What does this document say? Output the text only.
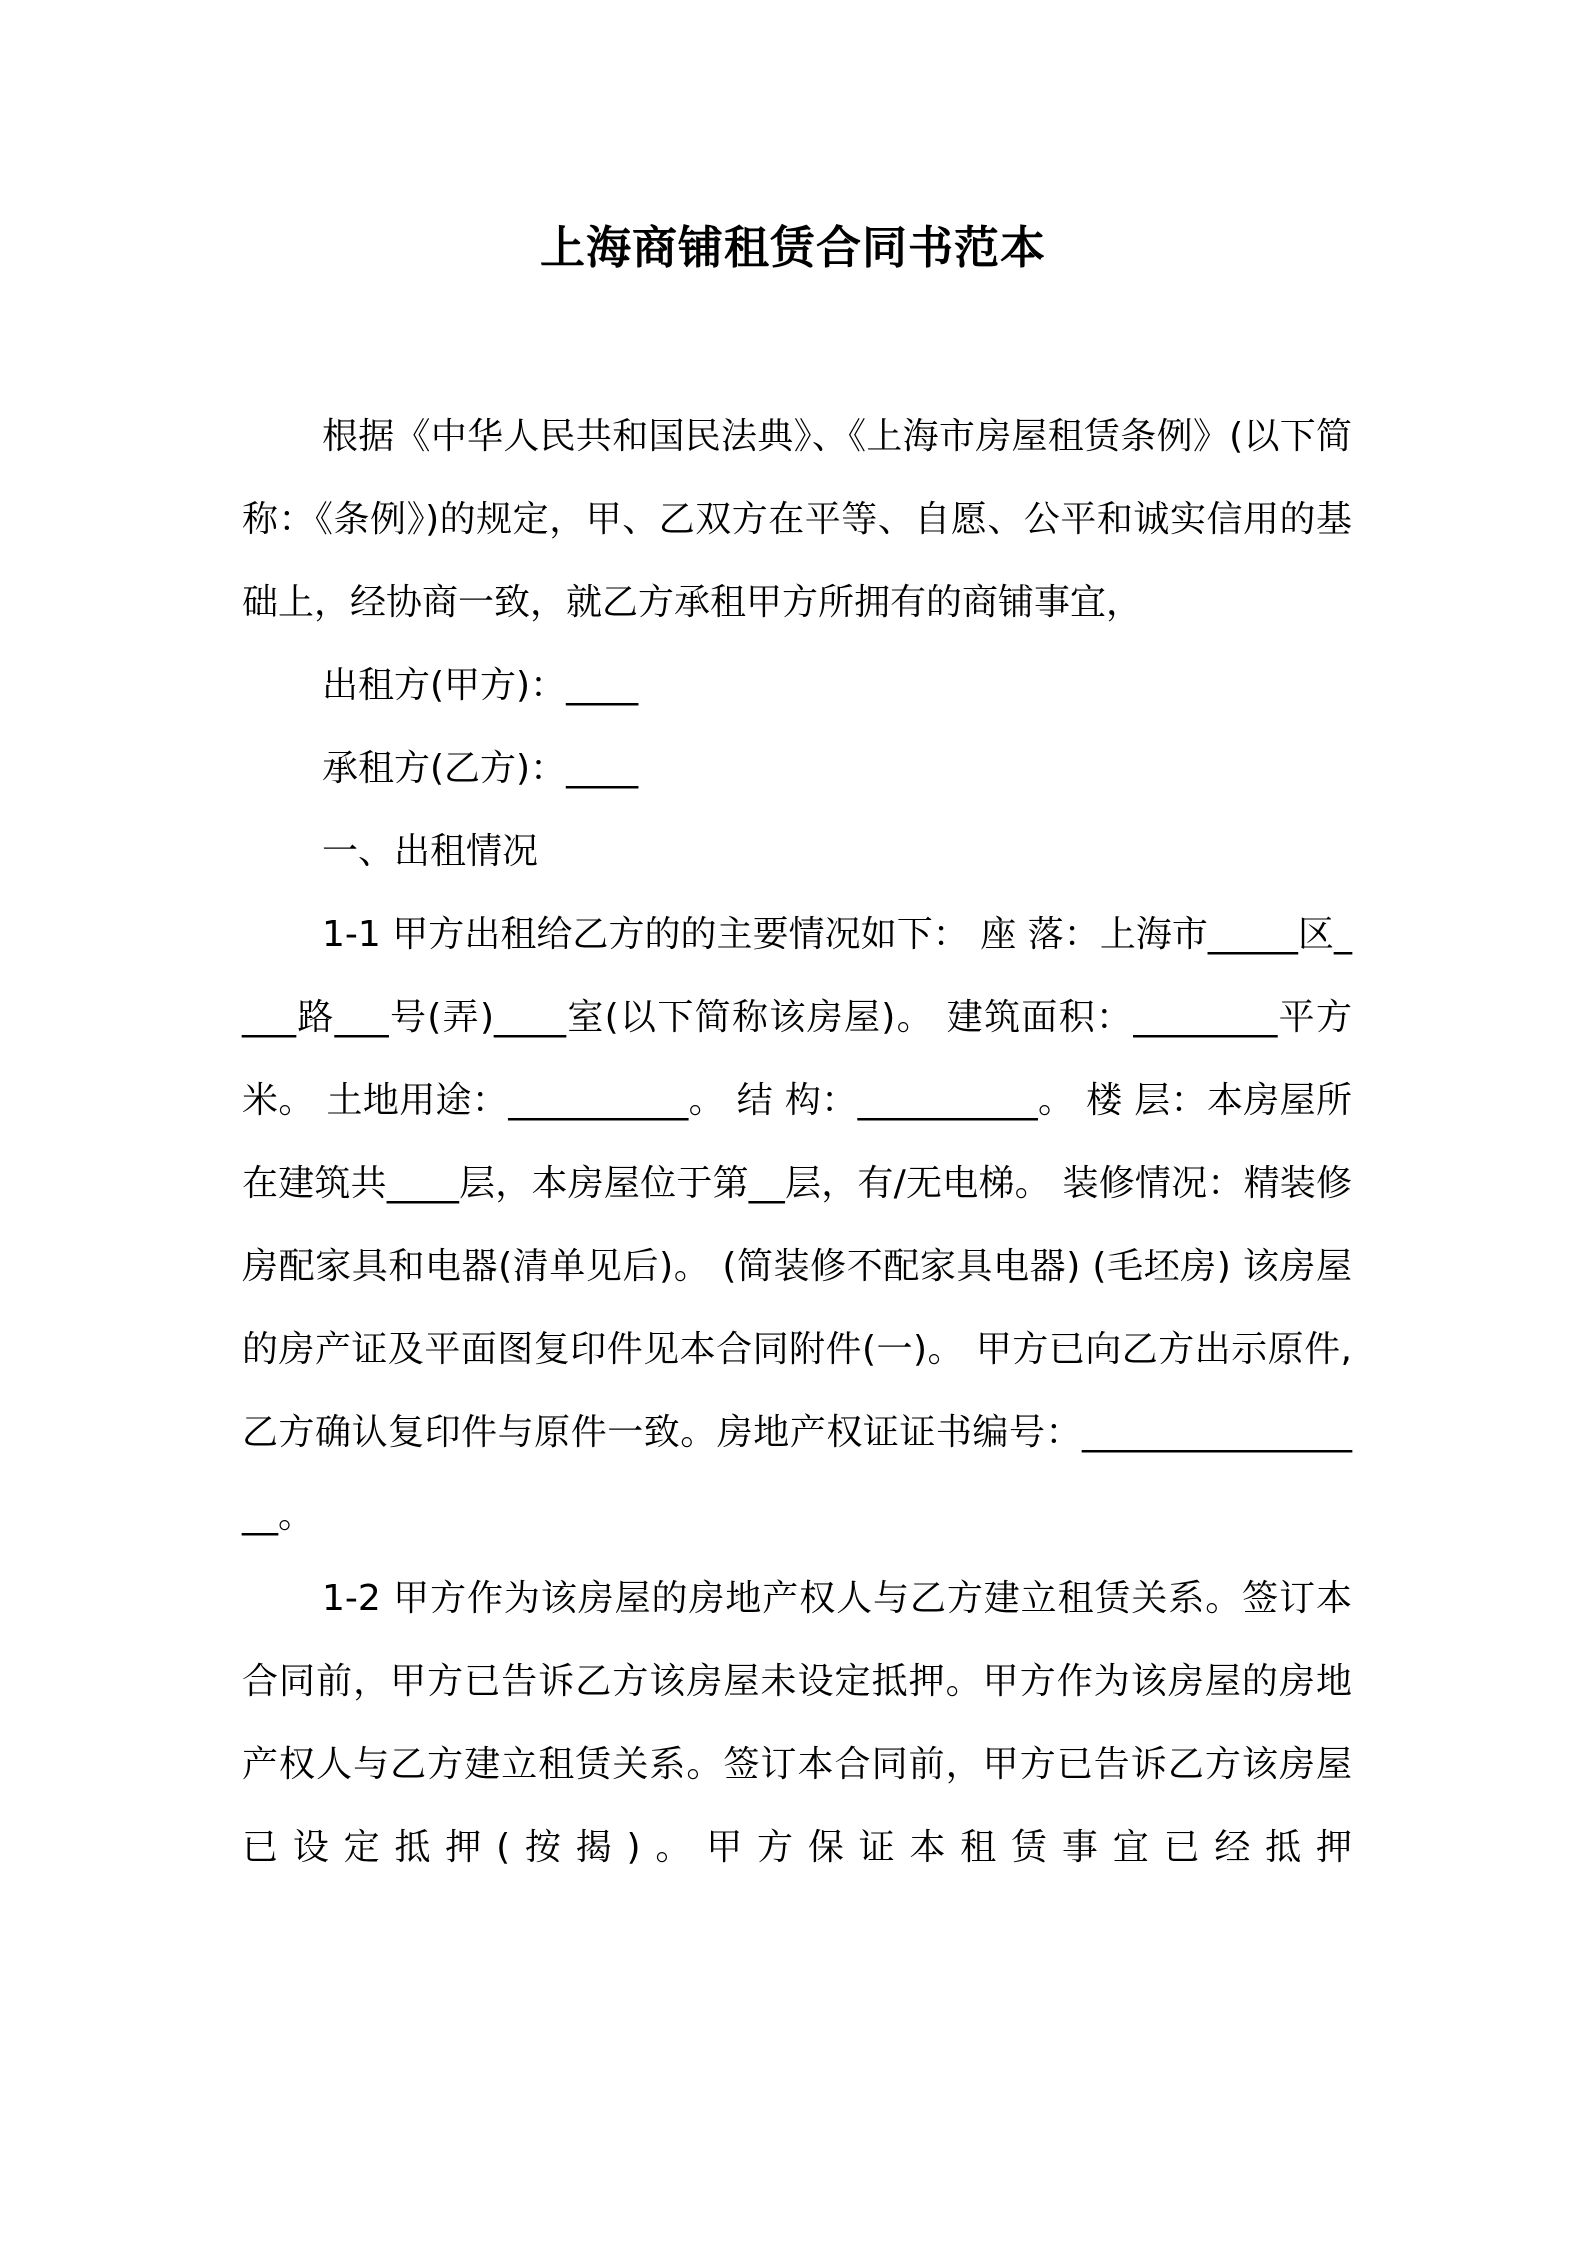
上海商铺租赁合同书范本

根据《中华人民共和国民法典》、《上海市房屋租赁条例》(以下简称：《条例》)的规定，甲、乙双方在平等、自愿、公平和诚实信用的基础上，经协商一致，就乙方承租甲方所拥有的商铺事宜，

出租方(甲方)：____

承租方(乙方)：____

一、出租情况

1-1 甲方出租给乙方的的主要情况如下： 座 落：上海市_____区____路___号(弄)____室(以下简称该房屋)。 建筑面积：________平方米。 土地用途：__________。 结 构：__________。 楼 层：本房屋所在建筑共____层，本房屋位于第__层，有/无电梯。 装修情况：精装修房配家具和电器(清单见后)。 (简装修不配家具电器) (毛坯房) 该房屋的房产证及平面图复印件见本合同附件(一)。 甲方已向乙方出示原件,乙方确认复印件与原件一致。房地产权证证书编号：_________________。

1-2 甲方作为该房屋的房地产权人与乙方建立租赁关系。签订本合同前，甲方已告诉乙方该房屋未设定抵押。甲方作为该房屋的房地产权人与乙方建立租赁关系。签订本合同前，甲方已告诉乙方该房屋已设定抵押(按揭)。甲方保证本租赁事宜已经抵押
